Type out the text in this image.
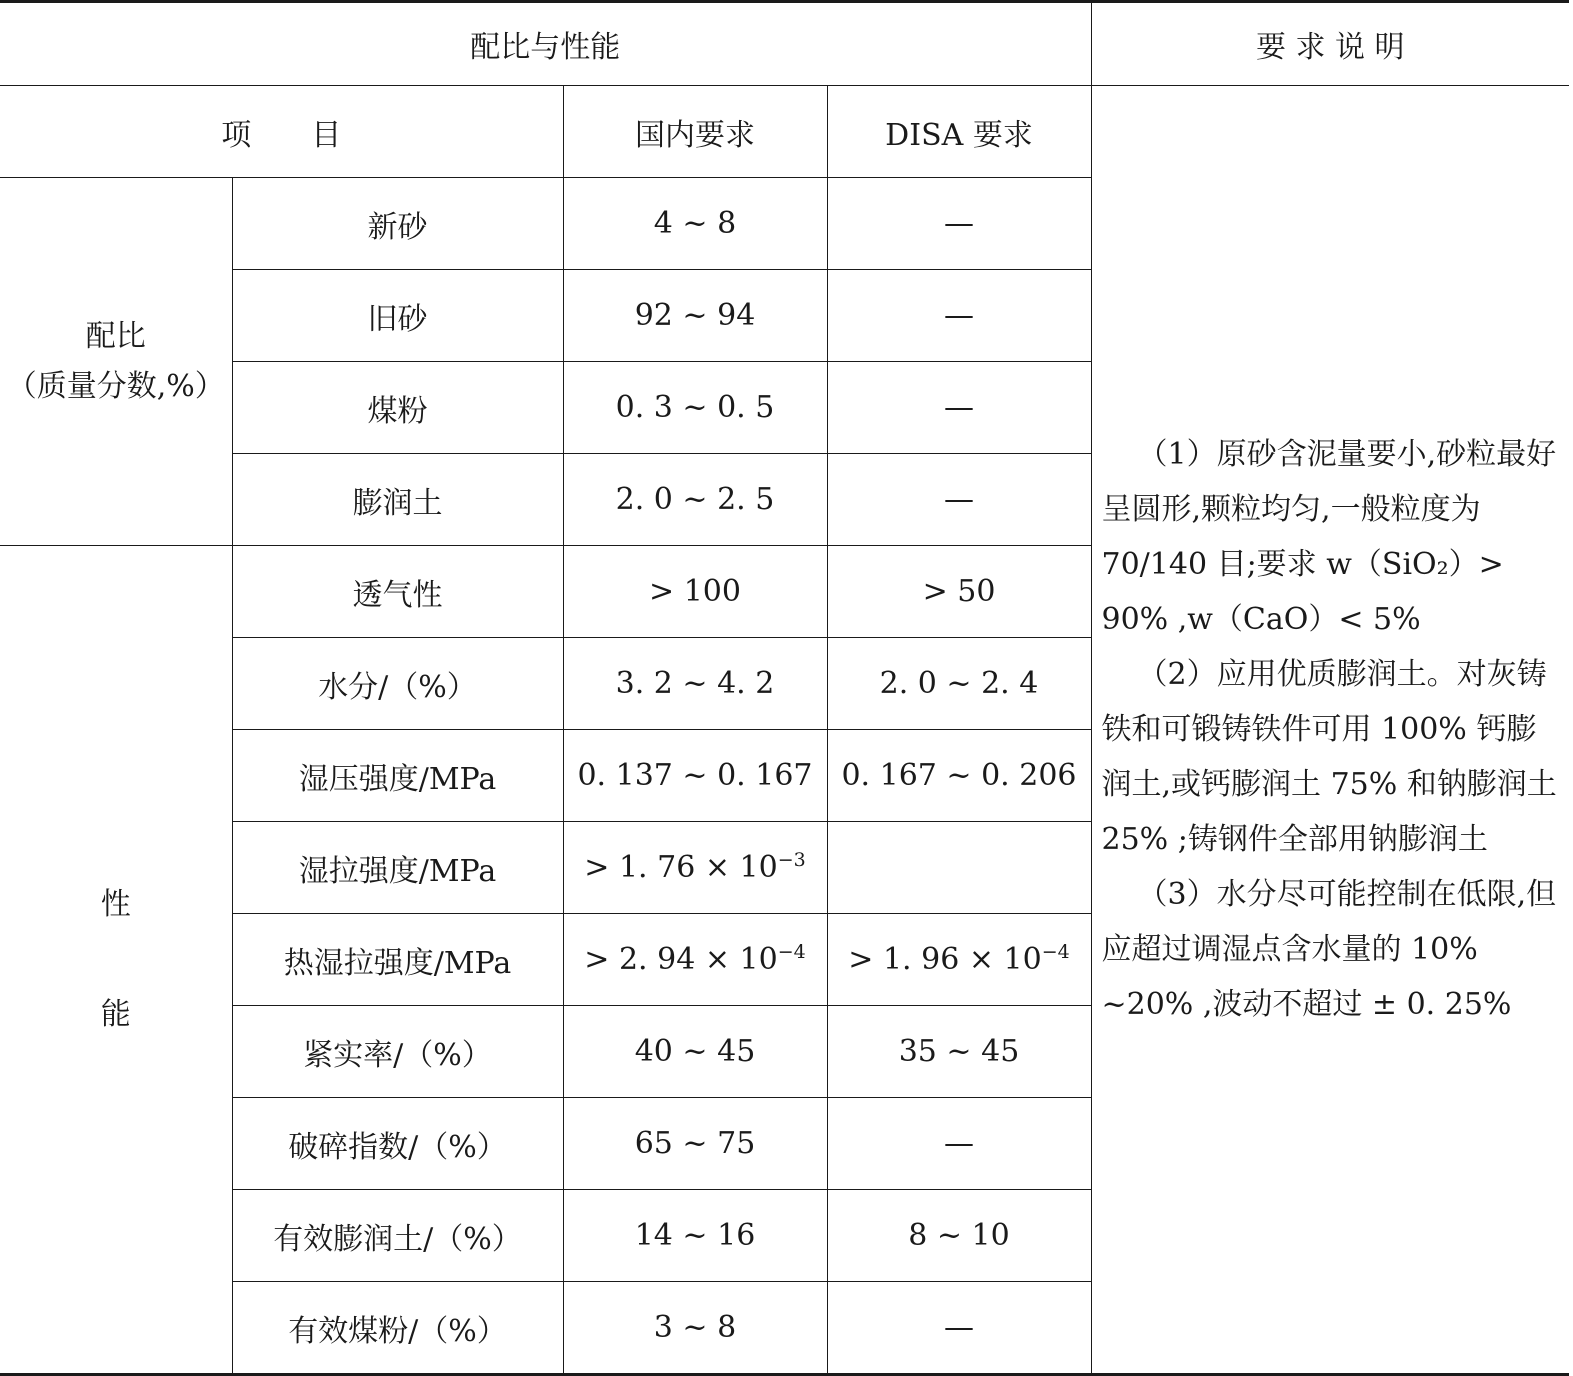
配比与性能				要 求 说 明
项　　目		国内要求	DISA 要求	（1）原砂含泥量要小,砂粒最好呈圆形,颗粒均匀,一般粒度为 70/140 目;要求 w（SiO₂）> 90% ,w（CaO）< 5%

（2）应用优质膨润土。对灰铸铁和可锻铸铁件可用 100% 钙膨润土,或钙膨润土 75% 和钠膨润土 25% ;铸钢件全部用钠膨润土

（3）水分尽可能控制在低限,但应超过调湿点含水量的 10% ~20% ,波动不超过 ± 0. 25%

配比
（质量分数,%）	新砂	4 ~ 8	—	
	旧砂	92 ~ 94	—	
	煤粉	0. 3 ~ 0. 5	—	
	膨润土	2. 0 ~ 2. 5	—	

性
能	透气性	> 100	> 50	
	水分/（%）	3. 2 ~ 4. 2	2. 0 ~ 2. 4	
	湿压强度/MPa	0. 137 ~ 0. 167	0. 167 ~ 0. 206	
	湿拉强度/MPa	> 1. $76 \times 10^{-3}$	
	热湿拉强度/MPa	> 2. $94 \times 10^{-4}$	> 1. $96 \times 10^{-4}$
	紧实率/（%）	40 ~ 45	35 ~ 45	
	破碎指数/（%）	65 ~ 75	—	
	有效膨润土/（%）	14 ~ 16	8 ~ 10	
	有效煤粉/（%）	3 ~ 8	—	
